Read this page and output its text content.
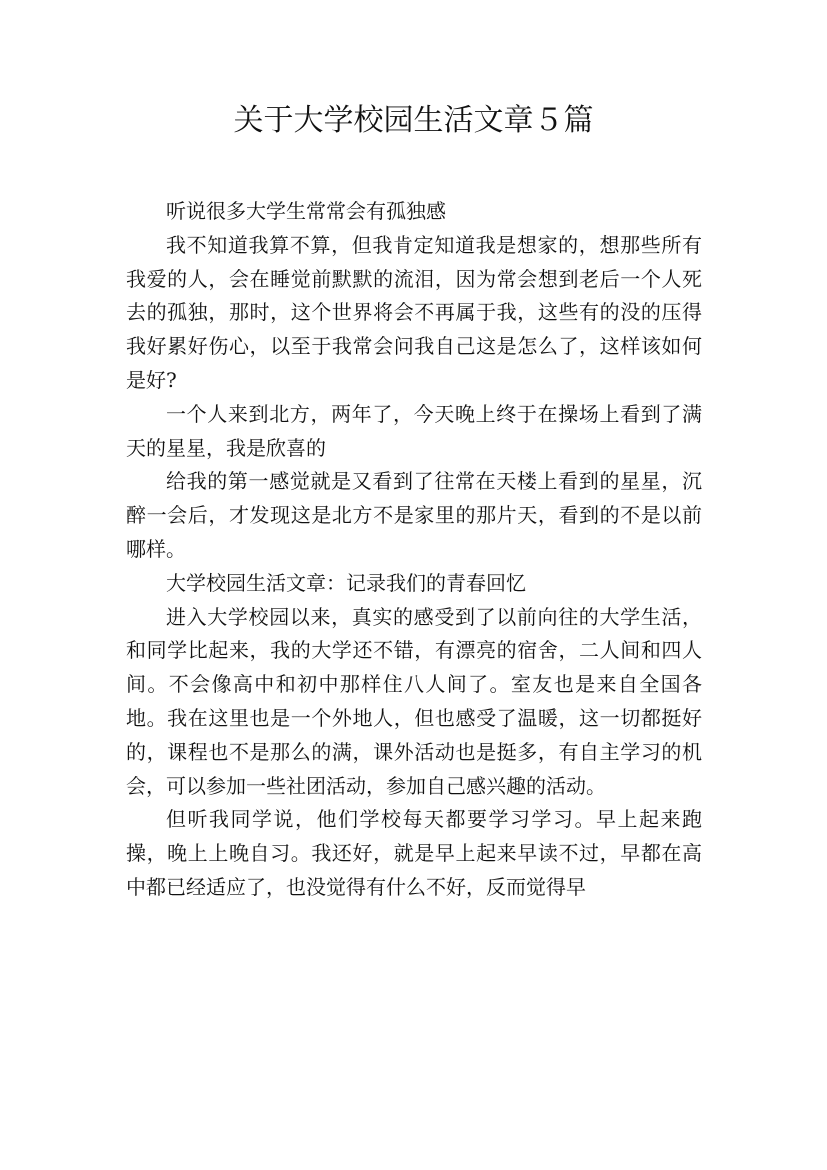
关于大学校园生活文章５篇

听说很多大学生常常会有孤独感

我不知道我算不算，但我肯定知道我是想家的，想那些所有我爱的人，会在睡觉前默默的流泪，因为常会想到老后一个人死去的孤独，那时，这个世界将会不再属于我，这些有的没的压得我好累好伤心，以至于我常会问我自己这是怎么了，这样该如何是好?

一个人来到北方，两年了，今天晚上终于在操场上看到了满天的星星，我是欣喜的

给我的第一感觉就是又看到了往常在天楼上看到的星星，沉醉一会后，才发现这是北方不是家里的那片天，看到的不是以前哪样。

大学校园生活文章：记录我们的青春回忆

进入大学校园以来，真实的感受到了以前向往的大学生活，和同学比起来，我的大学还不错，有漂亮的宿舍，二人间和四人间。不会像高中和初中那样住八人间了。室友也是来自全国各地。我在这里也是一个外地人，但也感受了温暖，这一切都挺好的，课程也不是那么的满，课外活动也是挺多，有自主学习的机会，可以参加一些社团活动，参加自己感兴趣的活动。

但听我同学说，他们学校每天都要学习学习。早上起来跑操，晚上上晚自习。我还好，就是早上起来早读不过，早都在高中都已经适应了，也没觉得有什么不好，反而觉得早
